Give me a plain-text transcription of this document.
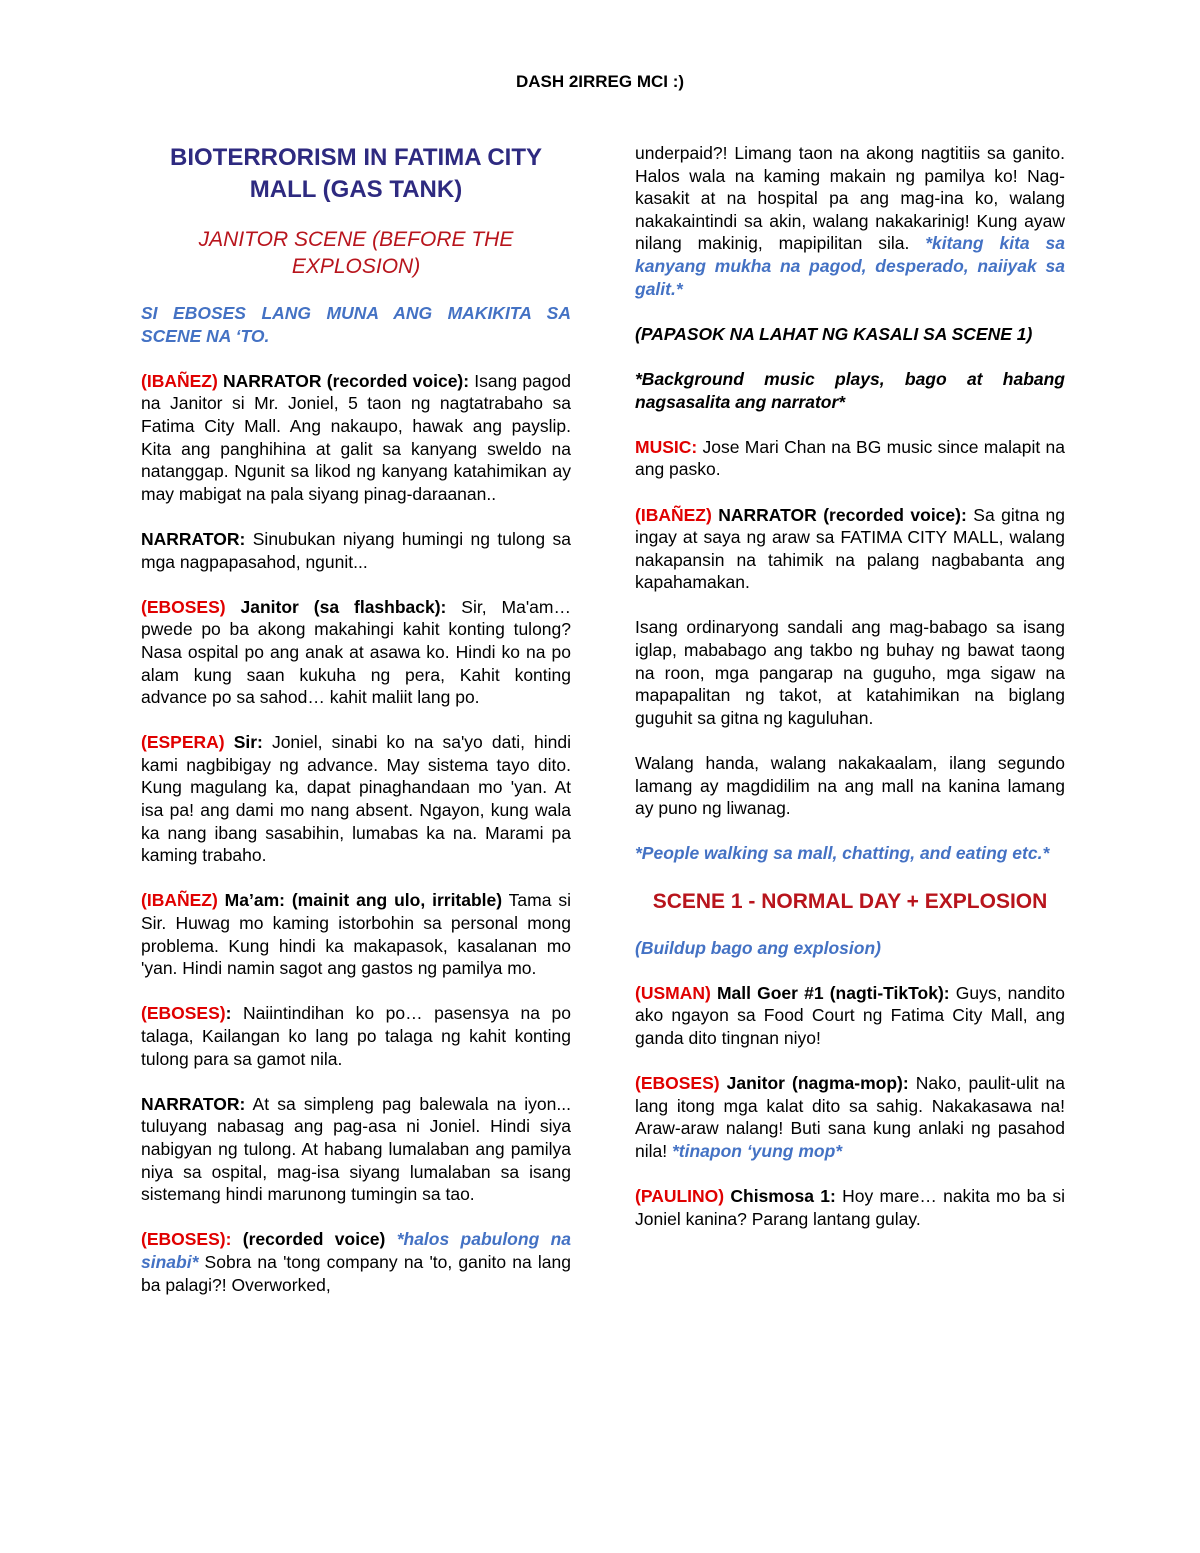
DASH 2IRREG MCI :)
BIOTERRORISM IN FATIMA CITY MALL (GAS TANK)
JANITOR SCENE (BEFORE THE EXPLOSION)

SI EBOSES LANG MUNA ANG MAKIKITA SA SCENE NA ‘TO.

(IBAÑEZ) NARRATOR (recorded voice): Isang pagod na Janitor si Mr. Joniel, 5 taon ng nagtatrabaho sa Fatima City Mall. Ang nakaupo, hawak ang payslip. Kita ang panghihina at galit sa kanyang sweldo na natanggap. Ngunit sa likod ng kanyang katahimikan ay may mabigat na pala siyang pinag-daraanan..

NARRATOR: Sinubukan niyang humingi ng tulong sa mga nagpapasahod, ngunit...

(EBOSES) Janitor (sa flashback): Sir, Ma'am… pwede po ba akong makahingi kahit konting tulong? Nasa ospital po ang anak at asawa ko. Hindi ko na po alam kung saan kukuha ng pera, Kahit konting advance po sa sahod… kahit maliit lang po.

(ESPERA) Sir: Joniel, sinabi ko na sa'yo dati, hindi kami nagbibigay ng advance. May sistema tayo dito. Kung magulang ka, dapat pinaghandaan mo 'yan. At isa pa! ang dami mo nang absent. Ngayon, kung wala ka nang ibang sasabihin, lumabas ka na. Marami pa kaming trabaho.

(IBAÑEZ) Ma’am: (mainit ang ulo, irritable) Tama si Sir. Huwag mo kaming istorbohin sa personal mong problema. Kung hindi ka makapasok, kasalanan mo 'yan. Hindi namin sagot ang gastos ng pamilya mo.

(EBOSES): Naiintindihan ko po… pasensya na po talaga, Kailangan ko lang po talaga ng kahit konting tulong para sa gamot nila.

NARRATOR: At sa simpleng pag balewala na iyon... tuluyang nabasag ang pag-asa ni Joniel. Hindi siya nabigyan ng tulong. At habang lumalaban ang pamilya niya sa ospital, mag-isa siyang lumalaban sa isang sistemang hindi marunong tumingin sa tao.

(EBOSES): (recorded voice) *halos pabulong na sinabi* Sobra na 'tong company na 'to, ganito na lang ba palagi?! Overworked,

underpaid?! Limang taon na akong nagtitiis sa ganito. Halos wala na kaming makain ng pamilya ko! Nag-kasakit at na hospital pa ang mag-ina ko, walang nakakaintindi sa akin, walang nakakarinig! Kung ayaw nilang makinig, mapipilitan sila. *kitang kita sa kanyang mukha na pagod, desperado, naiiyak sa galit.*

(PAPASOK NA LAHAT NG KASALI SA SCENE 1)

*Background music plays, bago at habang nagsasalita ang narrator*

MUSIC: Jose Mari Chan na BG music since malapit na ang pasko.

(IBAÑEZ) NARRATOR (recorded voice): Sa gitna ng ingay at saya ng araw sa FATIMA CITY MALL, walang nakapansin na tahimik na palang nagbabanta ang kapahamakan.

Isang ordinaryong sandali ang mag-babago sa isang iglap, mababago ang takbo ng buhay ng bawat taong na roon, mga pangarap na guguho, mga sigaw na mapapalitan ng takot, at katahimikan na biglang guguhit sa gitna ng kaguluhan.

Walang handa, walang nakakaalam, ilang segundo lamang ay magdidilim na ang mall na kanina lamang ay puno ng liwanag.

*People walking sa mall, chatting, and eating etc.*

SCENE 1 - NORMAL DAY + EXPLOSION

(Buildup bago ang explosion)

(USMAN) Mall Goer #1 (nagti-TikTok): Guys, nandito ako ngayon sa Food Court ng Fatima City Mall, ang ganda dito tingnan niyo!

(EBOSES) Janitor (nagma-mop): Nako, paulit-ulit na lang itong mga kalat dito sa sahig. Nakakasawa na! Araw-araw nalang! Buti sana kung anlaki ng pasahod nila! *tinapon ‘yung mop*

(PAULINO) Chismosa 1: Hoy mare… nakita mo ba si Joniel kanina? Parang lantang gulay.
